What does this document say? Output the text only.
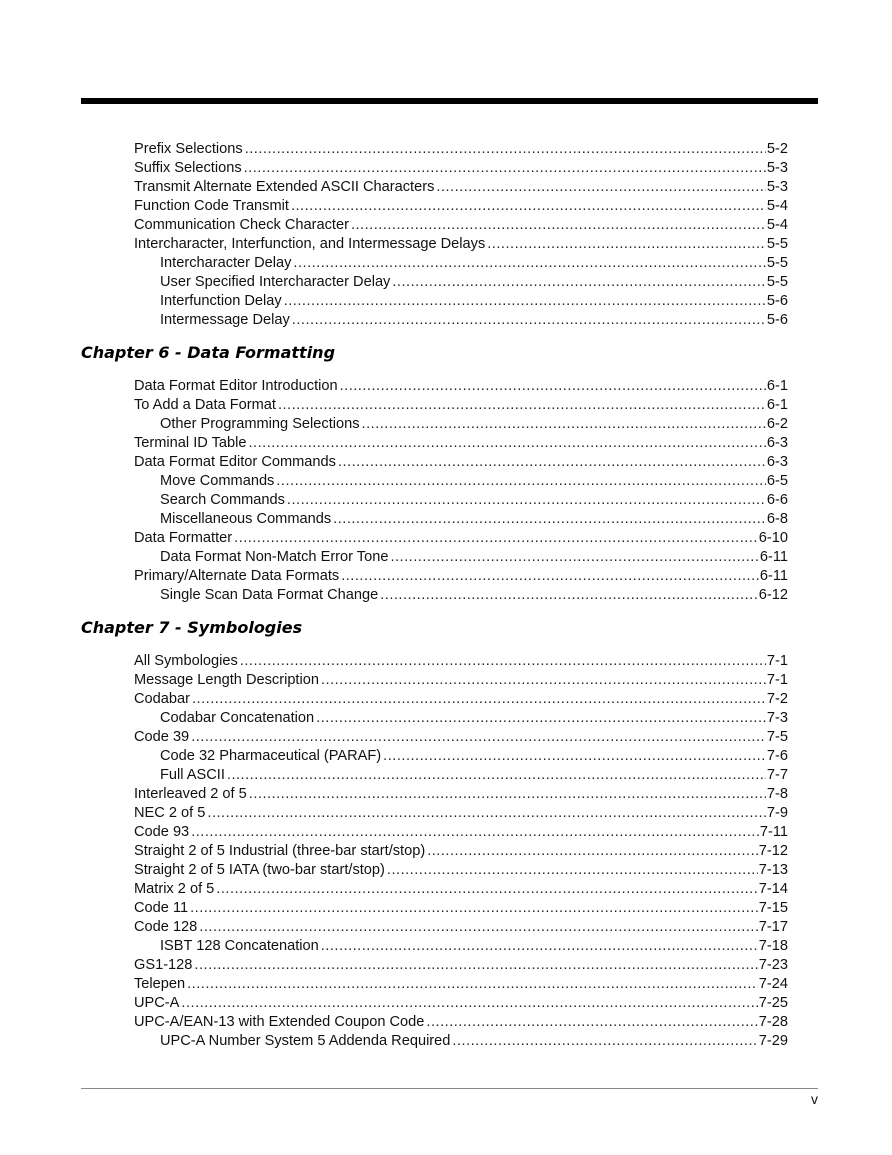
Prefix Selections .....	5-2
Suffix Selections .....	5-3
Transmit Alternate Extended ASCII Characters .....	5-3
Function Code Transmit .....	5-4
Communication Check Character .....	5-4
Intercharacter, Interfunction, and Intermessage Delays .....	5-5
Intercharacter Delay .....	5-5
User Specified Intercharacter Delay .....	5-5
Interfunction Delay .....	5-6
Intermessage Delay .....	5-6
Chapter 6 - Data Formatting
Data Format Editor Introduction .....	6-1
To Add a Data Format .....	6-1
Other Programming Selections .....	6-2
Terminal ID Table .....	6-3
Data Format Editor Commands .....	6-3
Move Commands .....	6-5
Search Commands .....	6-6
Miscellaneous Commands .....	6-8
Data Formatter .....	6-10
Data Format Non-Match Error Tone .....	6-11
Primary/Alternate Data Formats .....	6-11
Single Scan Data Format Change .....	6-12
Chapter 7 - Symbologies
All Symbologies .....	7-1
Message Length Description .....	7-1
Codabar .....	7-2
Codabar Concatenation .....	7-3
Code 39 .....	7-5
Code 32 Pharmaceutical (PARAF) .....	7-6
Full ASCII .....	7-7
Interleaved 2 of 5 .....	7-8
NEC 2 of 5 .....	7-9
Code 93 .....	7-11
Straight 2 of 5 Industrial (three-bar start/stop) .....	7-12
Straight 2 of 5 IATA (two-bar start/stop) .....	7-13
Matrix 2 of 5 .....	7-14
Code 11 .....	7-15
Code 128 .....	7-17
ISBT 128 Concatenation .....	7-18
GS1-128 .....	7-23
Telepen .....	7-24
UPC-A .....	7-25
UPC-A/EAN-13 with Extended Coupon Code .....	7-28
UPC-A Number System 5 Addenda Required .....	7-29
v
